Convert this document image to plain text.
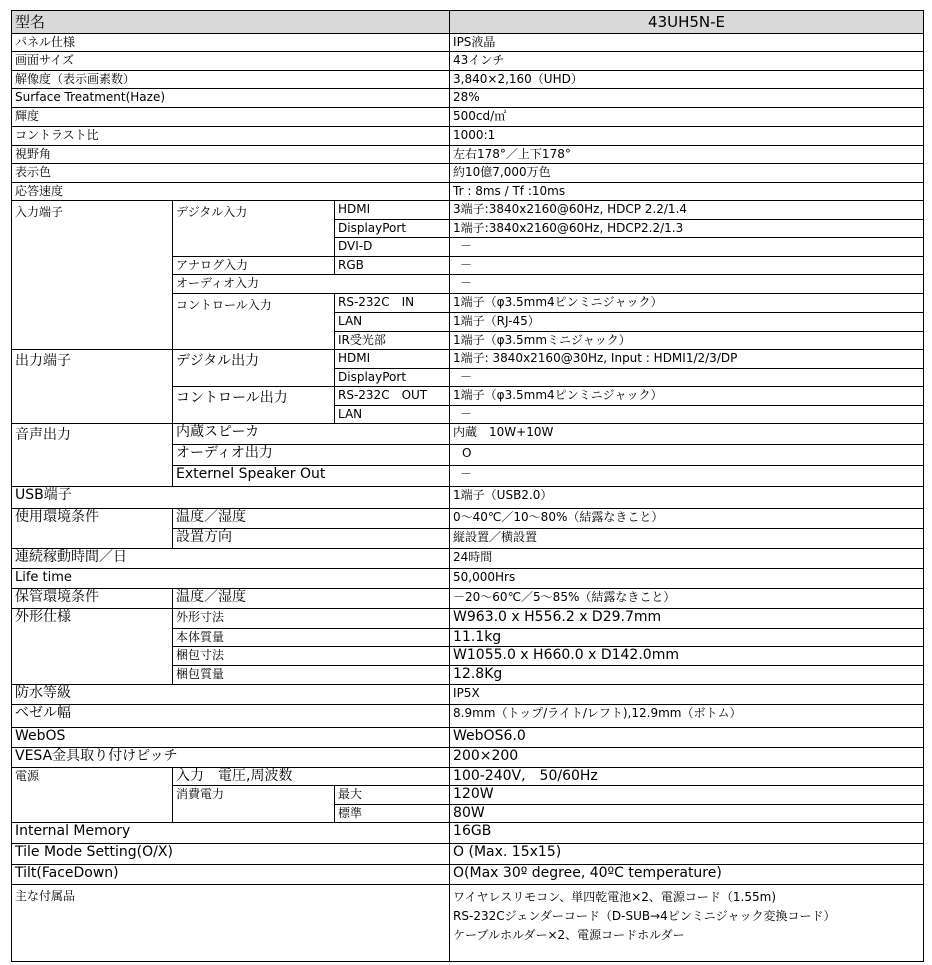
型名			43UH5N-E
パネル仕様			IPS液晶
画面サイズ			43インチ
解像度（表示画素数）			3,840×2,160（UHD）
Surface Treatment(Haze)			28%
輝度			500cd/㎡
コントラスト比			1000:1
視野角			左右178°／上下178°
表示色			約10億7,000万色
応答速度			Tr : 8ms / Tf :10ms
入力端子	デジタル入力	HDMI	3端子:3840x2160@60Hz, HDCP 2.2/1.4
		DisplayPort	1端子:3840x2160@60Hz, HDCP2.2/1.3
		DVI-D	－
	アナログ入力	RGB	－
	オーディオ入力		－
	コントロール入力	RS-232C　IN	1端子（φ3.5mm4ピンミニジャック）
		LAN	1端子（RJ-45）
		IR受光部	1端子（φ3.5mmミニジャック）
出力端子	デジタル出力	HDMI	1端子: 3840x2160@30Hz, Input : HDMI1/2/3/DP
		DisplayPort	－
	コントロール出力	RS-232C　OUT	1端子（φ3.5mm4ピンミニジャック）
		LAN	－
音声出力	内蔵スピーカ		内蔵　10W+10W
	オーディオ出力		O
	Externel Speaker Out		－
USB端子			1端子（USB2.0）
使用環境条件	温度／湿度		0～40℃／10～80%（結露なきこと）
	設置方向		縦設置／横設置
連続稼動時間／日			24時間
Life time			50,000Hrs
保管環境条件	温度／湿度		－20～60℃／5～85%（結露なきこと）
外形仕様	外形寸法		W963.0 x H556.2 x D29.7mm
	本体質量		11.1kg
	梱包寸法		W1055.0 x H660.0 x D142.0mm
	梱包質量		12.8Kg
防水等級			IP5X
ベゼル幅			8.9mm（トップ/ライト/レフト),12.9mm（ボトム）
WebOS			WebOS6.0
VESA金具取り付けピッチ			200×200
電源	入力　電圧,周波数		100-240V,　50/60Hz
	消費電力	最大	120W
		標準	80W
Internal Memory			16GB
Tile Mode Setting(O/X)			O (Max. 15x15)
Tilt(FaceDown)			O(Max 30º degree, 40ºC temperature)
主な付属品			ワイヤレスリモコン、単四乾電池×2、電源コード（1.55m)
RS-232Cジェンダーコード（D-SUB→4ピンミニジャック変換コード）
ケーブルホルダー×2、電源コードホルダー
